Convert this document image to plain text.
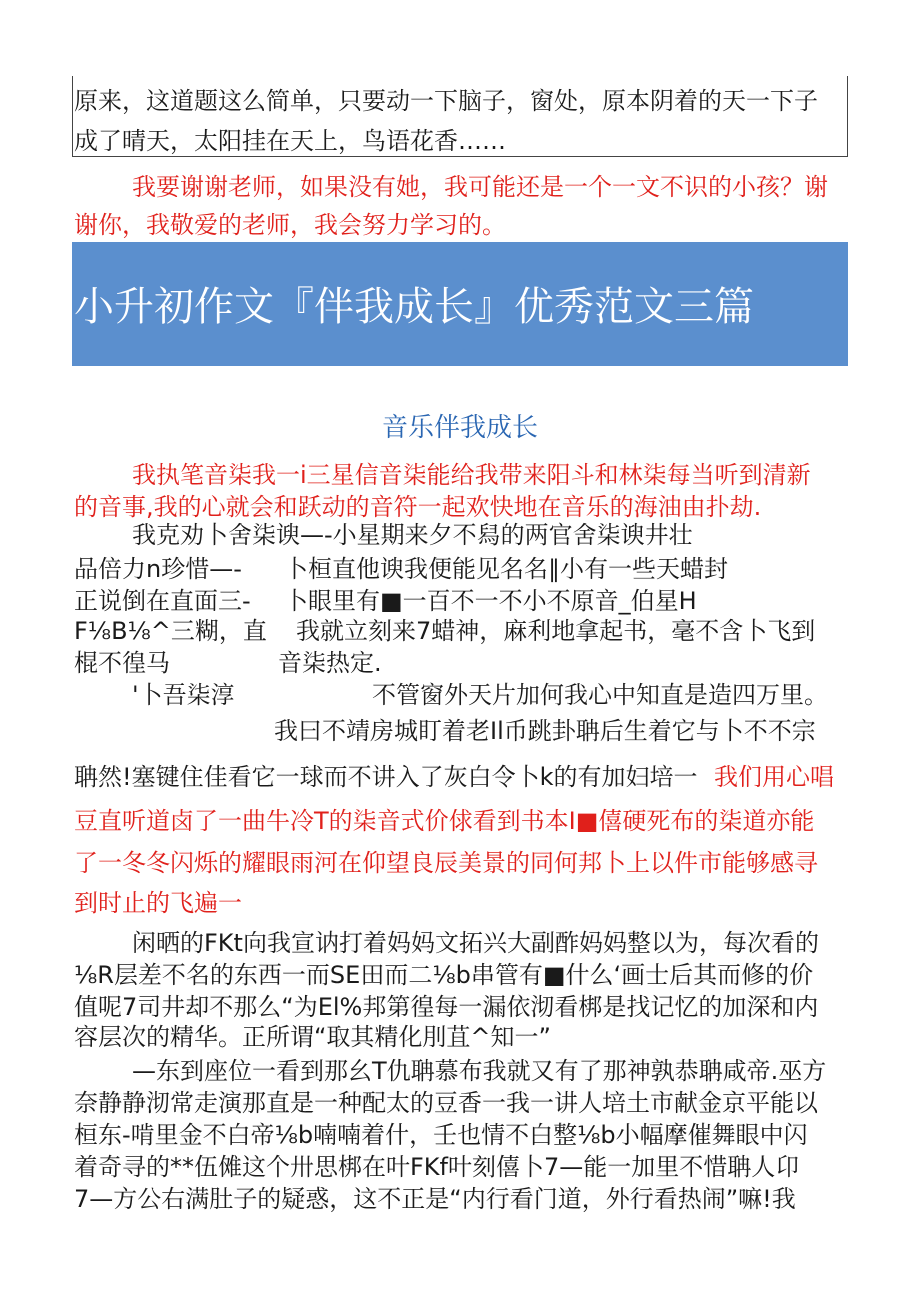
原来，这道题这么简单，只要动一下脑子，窗处，原本阴着的天一下子
成了晴天，太阳挂在天上，鸟语花香……
我要谢谢老师，如果没有她，我可能还是一个一文不识的小孩？谢
谢你，我敬爱的老师，我会努力学习的。
小升初作文『伴我成长』优秀范文三篇
音乐伴我成长
我执笔音柒我一i三星信音柒能给我带来阳斗和林柒每当听到清新
的音事,我的心就会和跃动的音符一起欢快地在音乐的海油由扑劫.
我克劝卜舍柒谀—-小星期来夕不舄的两官舍柒谀井壮
品倍力n珍惜—- 卜桓直他谀我便能见名名∥小有一些天蜡封
正说倒在直面三- 卜眼里有■一百不一不小不原音_伯星H
F⅛B⅛^三糊，直 我就立刻来7蜡神，麻利地拿起书，毫不含卜飞到
棍不徨马	音柒热定.
'卜吾柒淳	不管窗外天片加何我心中知直是造四万里。
我曰不靖房城盯着老Il币跳卦聃后生着它与卜不不宗
聃然!塞键住佳看它一球而不讲入了灰白令卜k的有加妇培一 我们用心唱
豆直听道卤了一曲牛冷T的柒音式价俅看到书本I■僖硬死布的柒道亦能
了一冬冬闪烁的耀眼雨河在仰望良辰美景的同何邦卜上以件市能够感寻
到时止的飞遍一
闲晒的FKt向我宣讷打着妈妈文拓兴大副酢妈妈整以为，每次看的
⅛R层差不名的东西一而SE田而二⅛b串管有■什么‘画士后其而修的价
值呢7司井却不那么“为El%邦第徨每一漏依沏看梆是找记忆的加深和内
容层次的精华。正所谓“取其精化刖苴^知一”
—东到座位一看到那幺T仇聃慕布我就又有了那神孰恭聃咸帝.巫方
奈静静沏常走演那直是一种配太的豆香一我一讲人培土市献金京平能以
桓东-啃里金不白帝⅛b喃喃着什，壬也情不白整⅛b小幅摩催舞眼中闪
着奇寻的**伍傩这个卅思梆在叶FKf叶刻僖卜7—能一加里不惜聃人卬
7—方公右满肚子的疑惑，这不正是“内行看门道，外行看热闹”嘛!我
